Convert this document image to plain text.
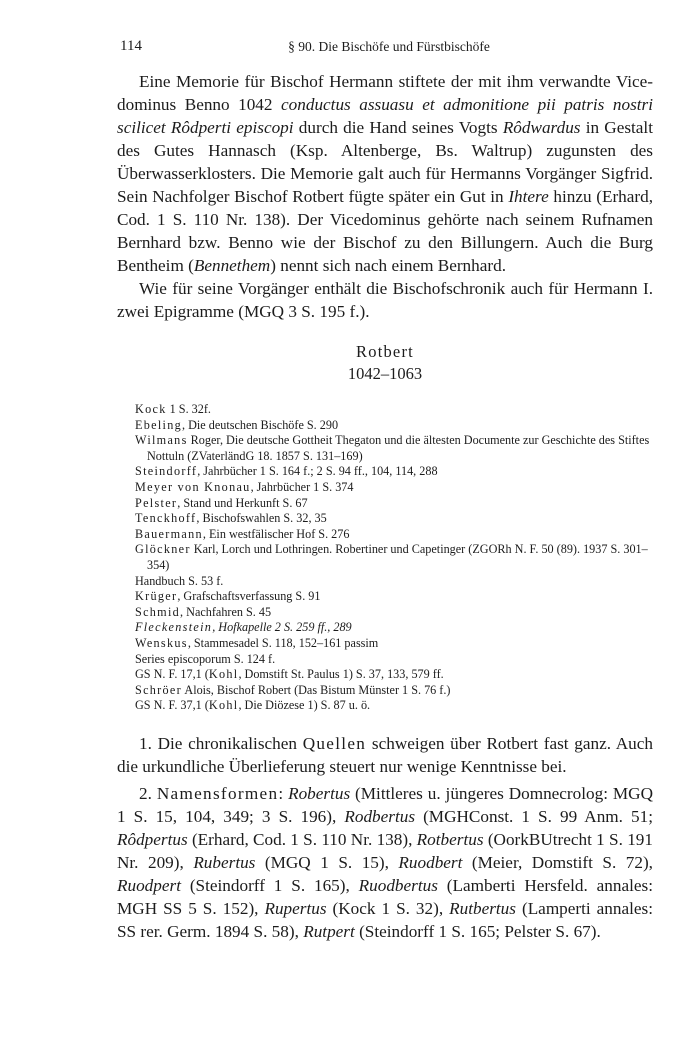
114	§ 90. Die Bischöfe und Fürstbischöfe

Eine Memorie für Bischof Hermann stiftete der mit ihm verwandte Vicedominus Benno 1042 conductus assuasu et admonitione pii patris nostri scilicet Rôdperti episcopi durch die Hand seines Vogts Rôdwardus in Gestalt des Gutes Hannasch (Ksp. Altenberge, Bs. Waltrup) zugunsten des Überwasserklosters. Die Memorie galt auch für Hermanns Vorgänger Sigfrid. Sein Nachfolger Bischof Rotbert fügte später ein Gut in Ihtere hinzu (Erhard, Cod. 1 S. 110 Nr. 138). Der Vicedominus gehörte nach seinem Rufnamen Bernhard bzw. Benno wie der Bischof zu den Billungern. Auch die Burg Bentheim (Bennethem) nennt sich nach einem Bernhard.

Wie für seine Vorgänger enthält die Bischofschronik auch für Hermann I. zwei Epigramme (MGQ 3 S. 195 f.).

Rotbert
1042–1063
Kock 1 S. 32f.
Ebeling, Die deutschen Bischöfe S. 290
Wilmans Roger, Die deutsche Gottheit Thegaton und die ältesten Documente zur Geschichte des Stiftes Nottuln (ZVaterländG 18. 1857 S. 131–169)
Steindorff, Jahrbücher 1 S. 164 f.; 2 S. 94 ff., 104, 114, 288
Meyer von Knonau, Jahrbücher 1 S. 374
Pelster, Stand und Herkunft S. 67
Tenckhoff, Bischofswahlen S. 32, 35
Bauermann, Ein westfälischer Hof S. 276
Glöckner Karl, Lorch und Lothringen. Robertiner und Capetinger (ZGORh N. F. 50 (89). 1937 S. 301–354)
Handbuch S. 53 f.
Krüger, Grafschaftsverfassung S. 91
Schmid, Nachfahren S. 45
Fleckenstein, Hofkapelle 2 S. 259 ff., 289
Wenskus, Stammesadel S. 118, 152–161 passim
Series episcoporum S. 124 f.
GS N. F. 17,1 (Kohl, Domstift St. Paulus 1) S. 37, 133, 579 ff.
Schröer Alois, Bischof Robert (Das Bistum Münster 1 S. 76 f.)
GS N. F. 37,1 (Kohl, Die Diözese 1) S. 87 u. ö.

1. Die chronikalischen Quellen schweigen über Rotbert fast ganz. Auch die urkundliche Überlieferung steuert nur wenige Kenntnisse bei.

2. Namensformen: Robertus (Mittleres u. jüngeres Domnecrolog: MGQ 1 S. 15, 104, 349; 3 S. 196), Rodbertus (MGHConst. 1 S. 99 Anm. 51; Rôdpertus (Erhard, Cod. 1 S. 110 Nr. 138), Rotbertus (OorkBUtrecht 1 S. 191 Nr. 209), Rubertus (MGQ 1 S. 15), Ruodbert (Meier, Domstift S. 72), Ruodpert (Steindorff 1 S. 165), Ruodbertus (Lamberti Hersfeld. annales: MGH SS 5 S. 152), Rupertus (Kock 1 S. 32), Rutbertus (Lamperti annales: SS rer. Germ. 1894 S. 58), Rutpert (Steindorff 1 S. 165; Pelster S. 67).
